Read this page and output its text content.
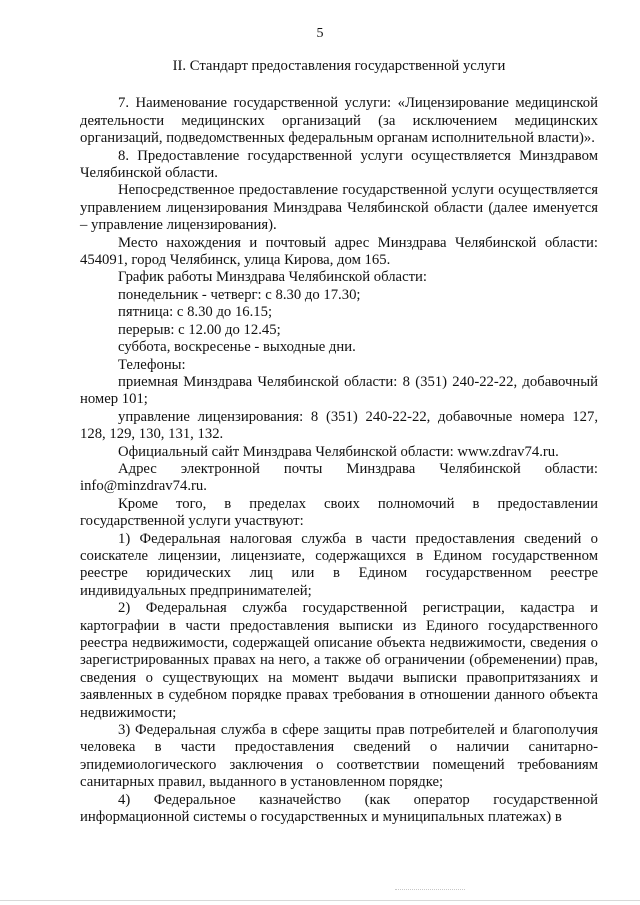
5
II. Стандарт предоставления государственной услуги

7. Наименование государственной услуги: «Лицензирование медицинской деятельности медицинских организаций (за исключением медицинских организаций, подведомственных федеральным органам исполнительной власти)».

8. Предоставление государственной услуги осуществляется Минздравом Челябинской области.

Непосредственное предоставление государственной услуги осуществляется управлением лицензирования Минздрава Челябинской области (далее именуется – управление лицензирования).

Место нахождения и почтовый адрес Минздрава Челябинской области: 454091, город Челябинск, улица Кирова, дом 165.

График работы Минздрава Челябинской области:

понедельник - четверг: с 8.30 до 17.30;

пятница: с 8.30 до 16.15;

перерыв: с 12.00 до 12.45;

суббота, воскресенье - выходные дни.

Телефоны:

приемная Минздрава Челябинской области: 8 (351) 240-22-22, добавочный номер 101;

управление лицензирования: 8 (351) 240-22-22, добавочные номера 127, 128, 129, 130, 131, 132.

Официальный сайт Минздрава Челябинской области: www.zdrav74.ru.

Адрес электронной почты Минздрава Челябинской области: info@minzdrav74.ru.

Кроме того, в пределах своих полномочий в предоставлении государственной услуги участвуют:

1) Федеральная налоговая служба в части предоставления сведений о соискателе лицензии, лицензиате, содержащихся в Едином государственном реестре юридических лиц или в Едином государственном реестре индивидуальных предпринимателей;

2) Федеральная служба государственной регистрации, кадастра и картографии в части предоставления выписки из Единого государственного реестра недвижимости, содержащей описание объекта недвижимости, сведения о зарегистрированных правах на него, а также об ограничении (обременении) прав, сведения о существующих на момент выдачи выписки правопритязаниях и заявленных в судебном порядке правах требования в отношении данного объекта недвижимости;

3) Федеральная служба в сфере защиты прав потребителей и благополучия человека в части предоставления сведений о наличии санитарно-эпидемиологического заключения о соответствии помещений требованиям санитарных правил, выданного в установленном порядке;

4) Федеральное казначейство (как оператор государственной информационной системы о государственных и муниципальных платежах) в
